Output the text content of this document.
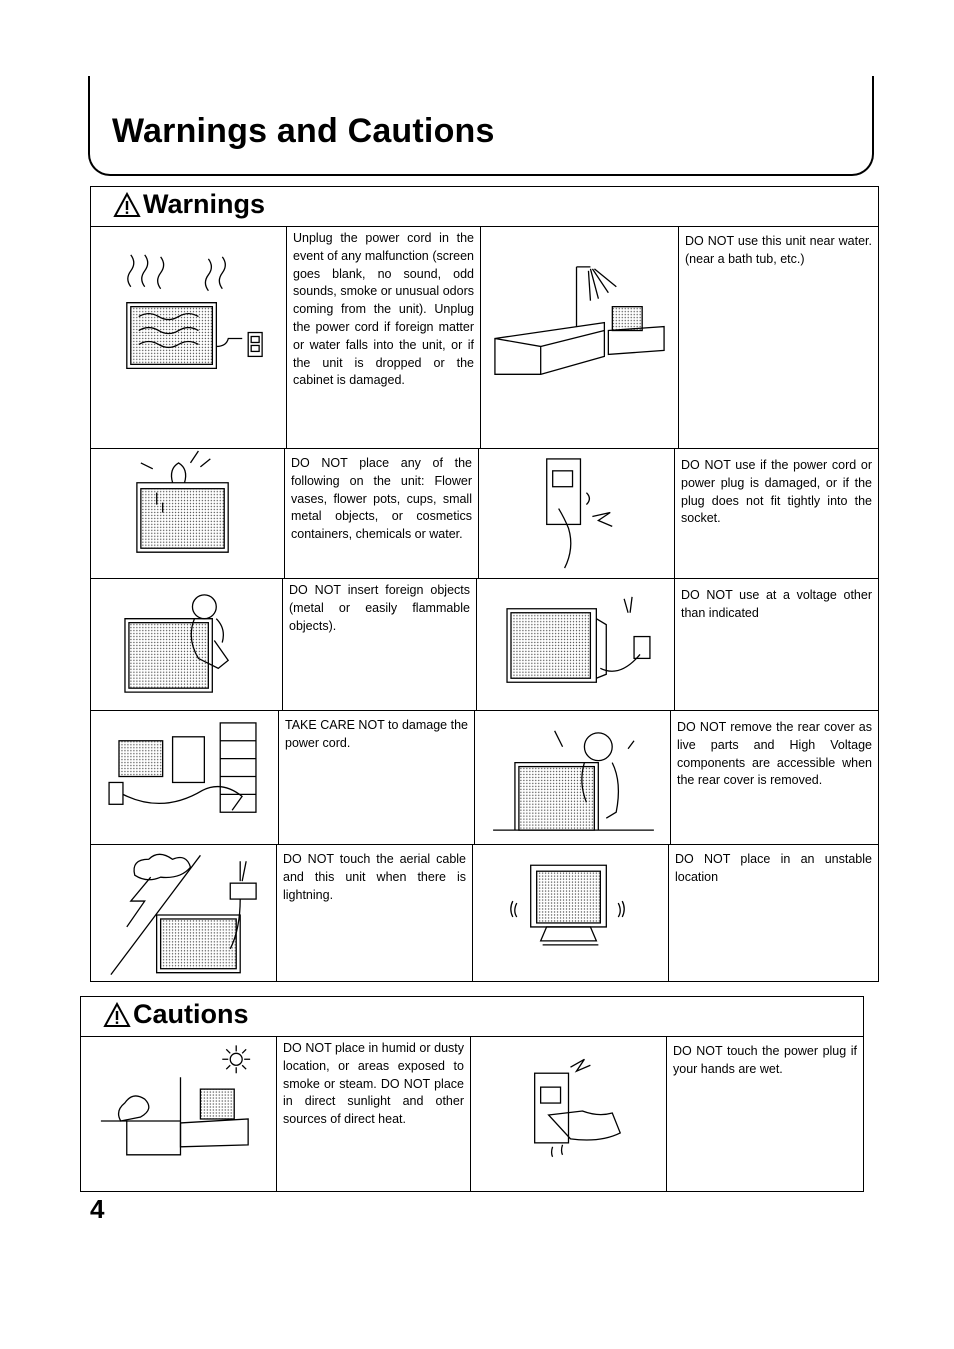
Warnings and Cautions
Warnings
Unplug the power cord in the event of any malfunction (screen goes blank, no sound, odd sounds, smoke or unusual odors coming from the unit). Unplug the power cord if foreign matter or water falls into the unit, or if the unit is dropped or the cabinet is damaged.
DO NOT use this unit near water. (near a bath tub, etc.)
DO NOT place any of the following on the unit: Flower vases, flower pots, cups, small metal objects, or cosmetics containers, chemicals or water.
DO NOT use if the power cord or power plug is damaged, or if the plug does not fit tightly into the socket.
DO NOT insert foreign objects (metal or easily flammable objects).
DO NOT use at a voltage other than indicated
TAKE CARE NOT to damage the power cord.
DO NOT remove the rear cover as live parts and High Voltage components are accessible when the rear cover is removed.
DO NOT touch the aerial cable and this unit when there is lightning.
DO NOT place in an unstable location
Cautions
DO NOT place in humid or dusty location, or areas exposed to smoke or steam. DO NOT place in direct sunlight and other sources of direct heat.
DO NOT touch the power plug if your hands are wet.
4
